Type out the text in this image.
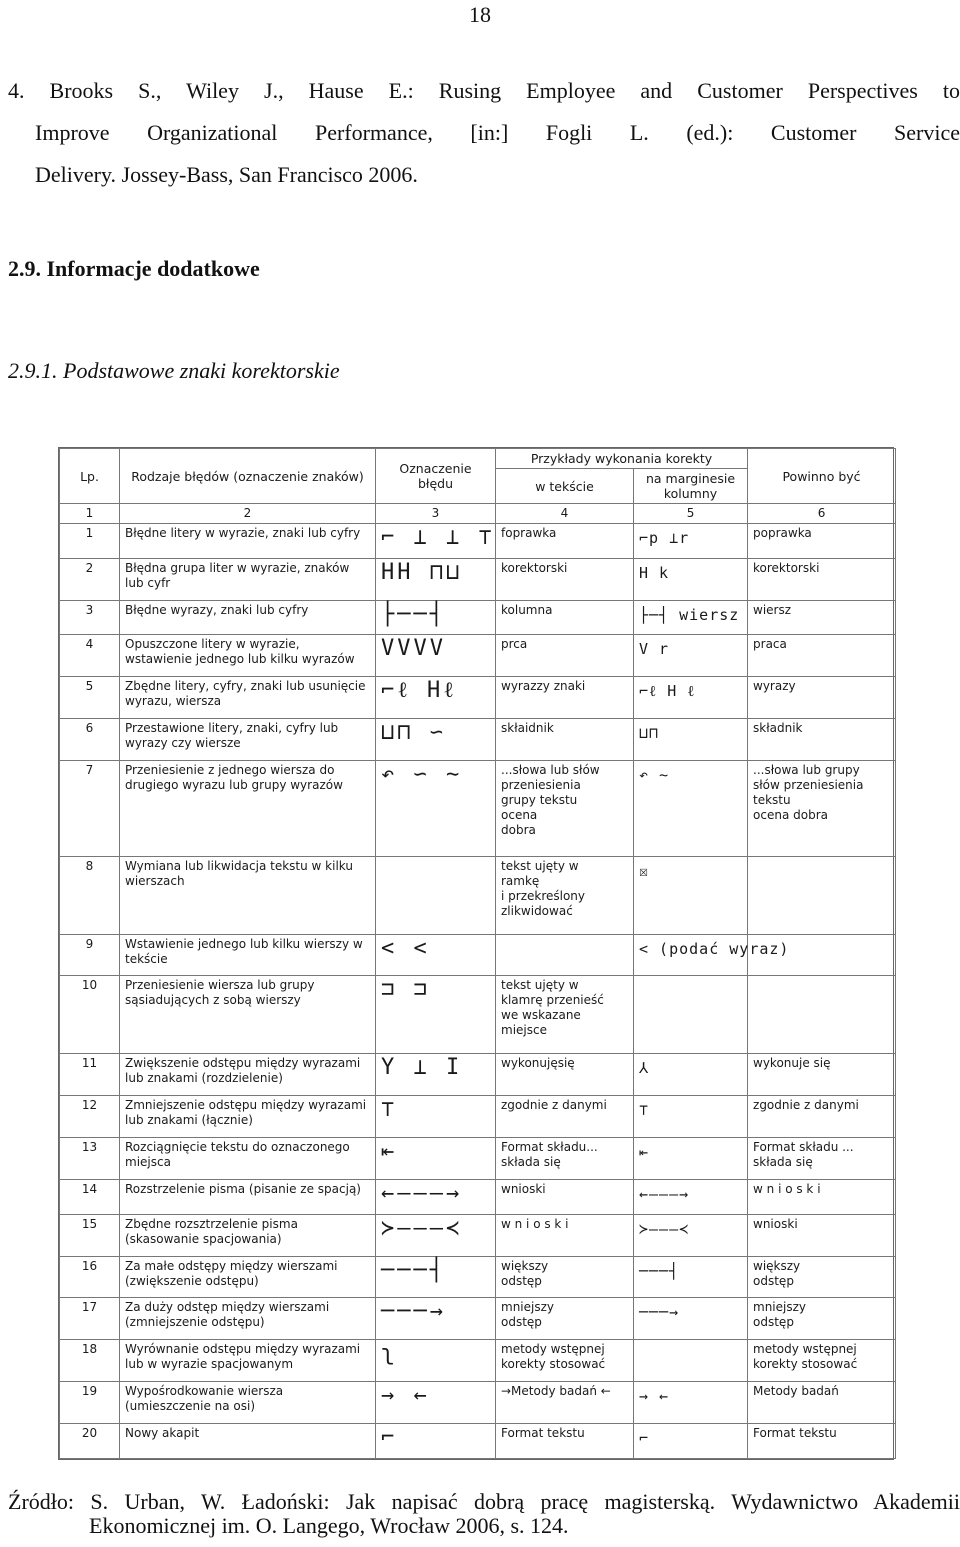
18
4. Brooks S., Wiley J., Hause E.: Rusing Employee and Customer Perspectives to
Improve Organizational Performance, [in:] Fogli L. (ed.): Customer Service
Delivery. Jossey-Bass, San Francisco 2006.
2.9. Informacje dodatkowe
2.9.1. Podstawowe znaki korektorskie
Lp.	Rodzaje błędów (oznaczenie znaków)	Oznaczenie błędu	Przykłady wykonania korekty		Powinno być
			w tekście	na marginesie kolumny	
1	2	3	4	5	6
1	Błędne litery w wyrazie, znaki lub cyfry	⌐ ⊥ ⊥ ⊤	foprawka	⌐p ⊥r	poprawka
2	Błędna grupa liter w wyrazie, znaków lub cyfr	HH ⊓⊔	korektorski	H k	korektorski
3	Błędne wyrazy, znaki lub cyfry	├──┤	kolumna	├─┤ wiersz	wiersz
4	Opuszczone litery w wyrazie, wstawienie jednego lub kilku wyrazów	VVVV	prca	V r	praca
5	Zbędne litery, cyfry, znaki lub usunięcie wyrazu, wiersza	⌐ℓ Hℓ	wyrazzy znaki	⌐ℓ H ℓ	wyrazy
6	Przestawione litery, znaki, cyfry lub wyrazy czy wiersze	⊔⊓ ∽	skłaidnik	⊔⊓	składnik
7	Przeniesienie z jednego wiersza do drugiego wyrazu lub grupy wyrazów	↶ ∽ ∼	...słowa lub słów
przeniesienia
grupy tekstu
ocena
dobra	↶ ∼	...słowa lub grupy
słów przeniesienia
tekstu
ocena dobra
8	Wymiana lub likwidacja tekstu w kilku wierszach		tekst ujęty w
ramkę
i przekreślony
zlikwidować	☒	
9	Wstawienie jednego lub kilku wierszy w tekście	< <		< (podać wyraz)	
10	Przeniesienie wiersza lub grupy sąsiadujących z sobą wierszy	⊐ ⊐	tekst ujęty w
klamrę przenieść
we wskazane
miejsce		
11	Zwiększenie odstępu między wyrazami lub znakami (rozdzielenie)	Y ⊥ I	wykonujęsię	⅄	wykonuje się
12	Zmniejszenie odstępu między wyrazami lub znakami (łącznie)	⊤	zgodnie z danymi	⊤	zgodnie z danymi
13	Rozciągnięcie tekstu do oznaczonego miejsca	⇤	Format składu...
składa się	⇤	Format składu ...
składa się
14	Rozstrzelenie pisma (pisanie ze spacją)	←–––→	wnioski	←–––→	w n i o s k i
15	Zbędne rozsztrzelenie pisma (skasowanie spacjowania)	≻–––≺	w n i o s k i	≻–––≺	wnioski
16	Za małe odstępy między wierszami (zwiększenie odstępu)	───┤	większy
odstęp	───┤	większy
odstęp
17	Za duży odstęp między wierszami (zmniejszenie odstępu)	───→	mniejszy
odstęp	───→	mniejszy
odstęp
18	Wyrównanie odstępu między wyrazami lub w wyrazie spacjowanym	ʅ	metody wstępnej
korekty stosować		metody wstępnej
korekty stosować
19	Wypośrodkowanie wiersza (umieszczenie na osi)	→ ←	→Metody badań ←	→ ←	Metody badań
20	Nowy akapit	⌐	Format tekstu	⌐	Format tekstu
Źródło: S. Urban, W. Ładoński: Jak napisać dobrą pracę magisterską. Wydawnictwo Akademii
Ekonomicznej im. O. Langego, Wrocław 2006, s. 124.
